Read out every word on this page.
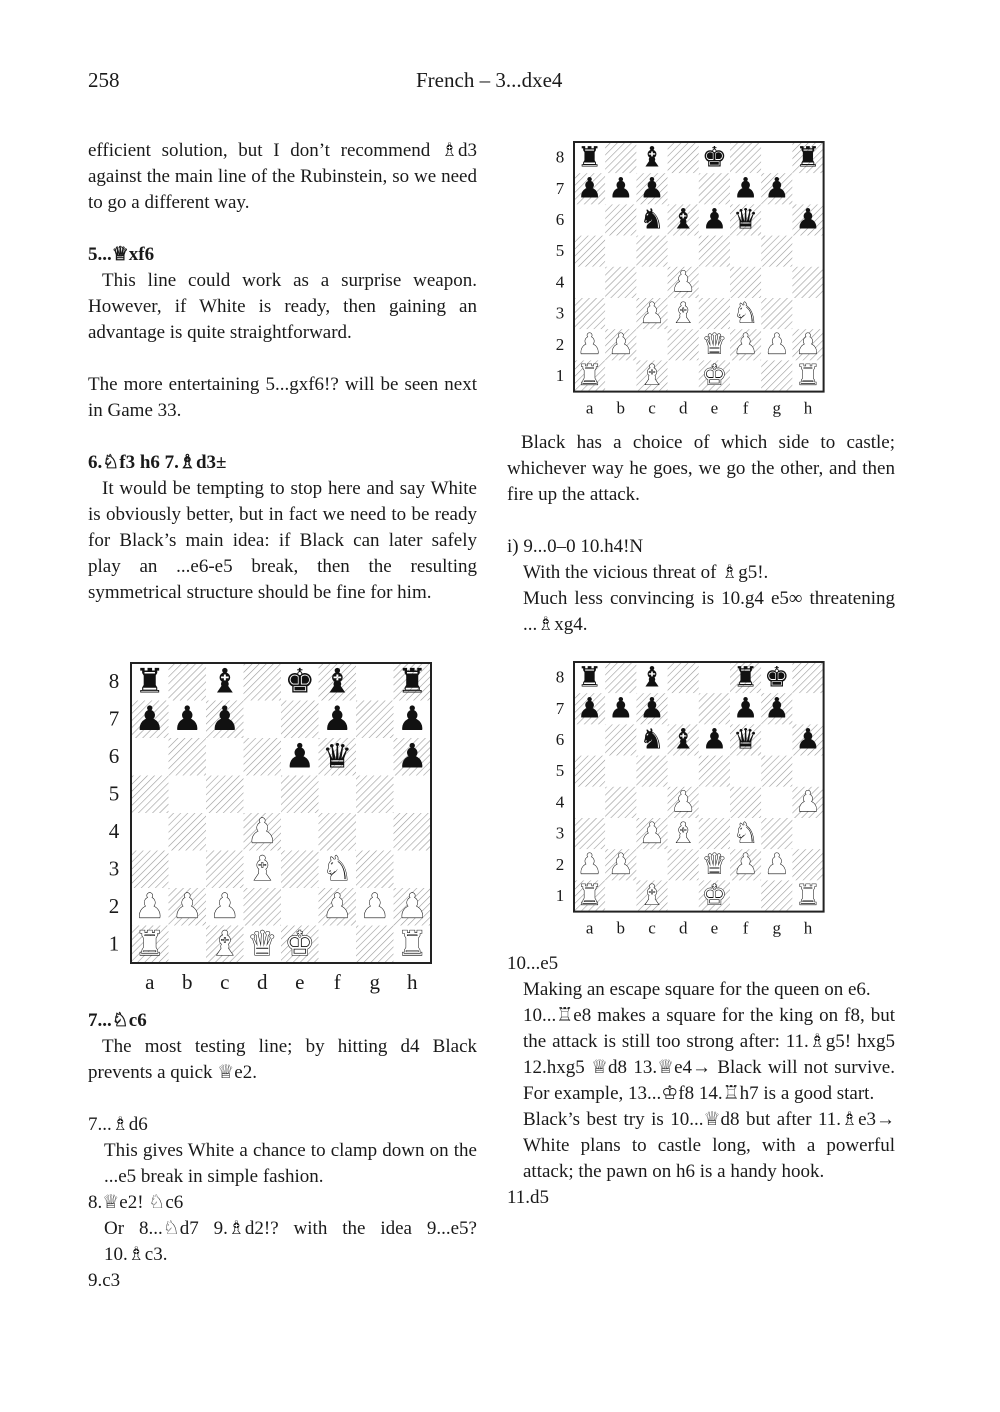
258	French – 3...dxe4

efficient solution, but I don’t recommend ♗d3 against the main line of the Rubinstein, so we need to go a different way.

5...♕xf6

This line could work as a surprise weapon. However, if White is ready, then gaining an advantage is quite straightforward.

The more entertaining 5...gxf6!? will be seen next in Game 33.

6.♘f3 h6 7.♗d3±

It would be tempting to stop here and say White is obviously better, but in fact we need to be ready for Black’s main idea: if Black can later safely play an ...e6-e5 break, then the resulting symmetrical structure should be fine for him.

♜ ♝ ♚ ♝ ♜
♟ ♟ ♟ ♟ ♟
♟ ♛ ♟
♟
♝ ♞
♟ ♟ ♟ ♟ ♟ ♟
♜ ♝ ♛ ♚ ♜
8
7
6
5
4
3
2
1
a b c d e f g h

7...♘c6

The most testing line; by hitting d4 Black prevents a quick ♕e2.

7...♗d6

This gives White a chance to clamp down on the ...e5 break in simple fashion.

8.♕e2! ♘c6

Or 8...♘d7 9.♗d2!? with the idea 9...e5? 10.♗c3.

9.c3

♜ ♝ ♚ ♜
♟ ♟ ♟ ♟ ♟
♞ ♝ ♟ ♛ ♟
♟
♟ ♝ ♞
♟ ♟ ♛ ♟ ♟ ♟
♜ ♝ ♚ ♜
8
7
6
5
4
3
2
1
a b c d e f g h

Black has a choice of which side to castle; whichever way he goes, we go the other, and then fire up the attack.

i) 9...0–0 10.h4!N

With the vicious threat of ♗g5!.

Much less convincing is 10.g4 e5∞ threatening ...♗xg4.

♜ ♝ ♜ ♚
♟ ♟ ♟ ♟ ♟
♞ ♝ ♟ ♛ ♟
♟	♟
♟ ♝ ♞
♟ ♟ ♛ ♟ ♟
♜ ♝ ♚ ♜
8
7
6
5
4
3
2
1
a b c d e f g h

10...e5

Making an escape square for the queen on e6.

10...♖e8 makes a square for the king on f8, but the attack is still too strong after: 11.♗g5! hxg5 12.hxg5 ♕d8 13.♕e4→ Black will not survive. For example, 13...♔f8 14.♖h7 is a good start.

Black’s best try is 10...♕d8 but after 11.♗e3→ White plans to castle long, with a powerful attack; the pawn on h6 is a handy hook.

11.d5
